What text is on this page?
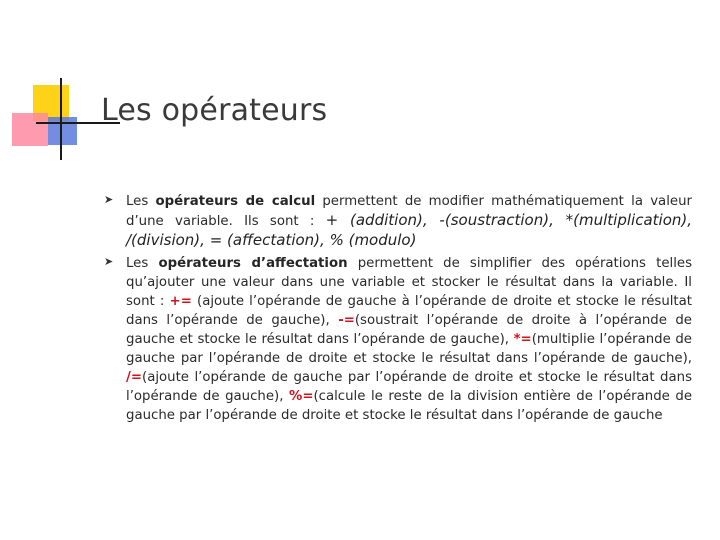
Les opérateurs
➤ Les opérateurs de calcul permettent de modifier mathématiquement la valeur d’une variable. Ils sont : + (addition), -(soustraction), *(multiplication), /(division), = (affectation), % (modulo)
➤ Les opérateurs d’affectation permettent de simplifier des opérations telles qu’ajouter une valeur dans une variable et stocker le résultat dans la variable. Il sont : += (ajoute l’opérande de gauche à l’opérande de droite et stocke le résultat dans l’opérande de gauche), -=(soustrait l’opérande de droite à l’opérande de gauche et stocke le résultat dans l’opérande de gauche), *=(multiplie l’opérande de gauche par l’opérande de droite et stocke le résultat dans l’opérande de gauche), /=(ajoute l’opérande de gauche par l’opérande de droite et stocke le résultat dans l’opérande de gauche), %=(calcule le reste de la division entière de l’opérande de gauche par l’opérande de droite et stocke le résultat dans l’opérande de gauche
